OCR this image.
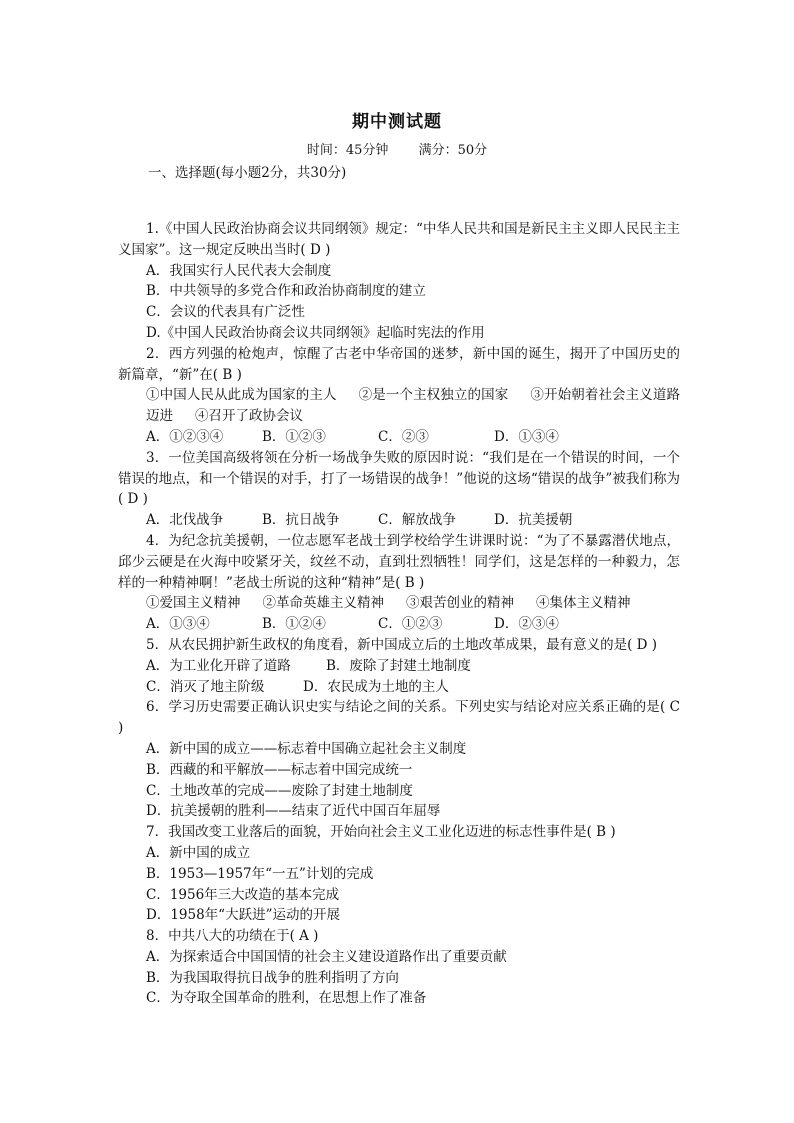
期中测试题
时间：45分钟 满分：50分
一、选择题(每小题2分，共30分)

1.《中国人民政治协商会议共同纲领》规定：“中华人民共和国是新民主主义即人民民主主义国家”。这一规定反映出当时( D )

A．我国实行人民代表大会制度

B．中共领导的多党合作和政治协商制度的建立

C．会议的代表具有广泛性

D.《中国人民政治协商会议共同纲领》起临时宪法的作用

2．西方列强的枪炮声，惊醒了古老中华帝国的迷梦，新中国的诞生，揭开了中国历史的新篇章，“新”在( B )

①中国人民从此成为国家的主人 ②是一个主权独立的国家 ③开始朝着社会主义道路迈进 ④召开了政协会议

A．①②③④	B．①②③	C．②③	D．①③④

3．一位美国高级将领在分析一场战争失败的原因时说：“我们是在一个错误的时间，一个错误的地点，和一个错误的对手，打了一场错误的战争！”他说的这场“错误的战争”被我们称为( D )

A．北伐战争	B．抗日战争	C．解放战争	D．抗美援朝

4．为纪念抗美援朝，一位志愿军老战士到学校给学生讲课时说：“为了不暴露潜伏地点，邱少云硬是在火海中咬紧牙关，纹丝不动，直到壮烈牺牲！同学们，这是怎样的一种毅力，怎样的一种精神啊！”老战士所说的这种“精神”是( B )

①爱国主义精神 ②革命英雄主义精神 ③艰苦创业的精神 ④集体主义精神

A．①③④	B．①②④	C．①②③	D．②③④

5．从农民拥护新生政权的角度看，新中国成立后的土地改革成果，最有意义的是( D )

A．为工业化开辟了道路	B．废除了封建土地制度

C．消灭了地主阶级	D．农民成为土地的主人

6．学习历史需要正确认识史实与结论之间的关系。下列史实与结论对应关系正确的是( C )

A．新中国的成立——标志着中国确立起社会主义制度

B．西藏的和平解放——标志着中国完成统一

C．土地改革的完成——废除了封建土地制度

D．抗美援朝的胜利——结束了近代中国百年屈辱

7．我国改变工业落后的面貌，开始向社会主义工业化迈进的标志性事件是( B )

A．新中国的成立

B．1953—1957年“一五”计划的完成

C．1956年三大改造的基本完成

D．1958年“大跃进”运动的开展

8．中共八大的功绩在于( A )

A．为探索适合中国国情的社会主义建设道路作出了重要贡献

B．为我国取得抗日战争的胜利指明了方向

C．为夺取全国革命的胜利，在思想上作了准备
